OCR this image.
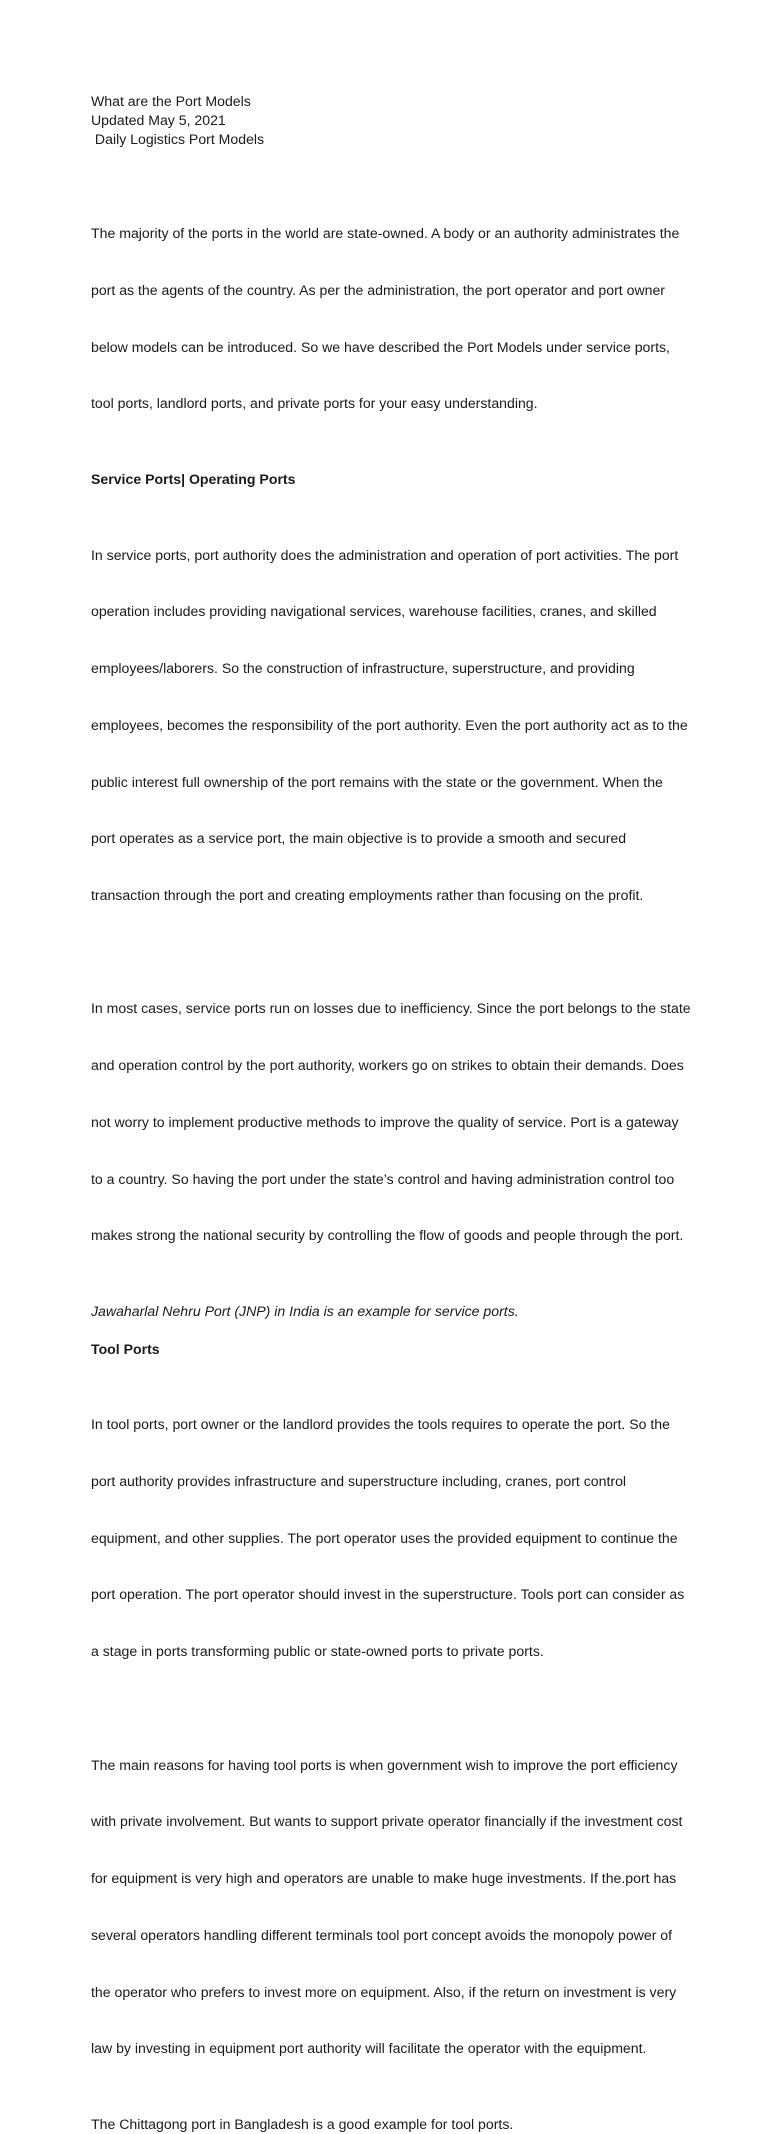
What are the Port Models

Updated May 5, 2021

Daily Logistics Port Models

The majority of the ports in the world are state-owned. A body or an authority administrates the

port as the agents of the country. As per the administration, the port operator and port owner

below models can be introduced. So we have described the Port Models under service ports,

tool ports, landlord ports, and private ports for your easy understanding.

Service Ports| Operating Ports

In service ports, port authority does the administration and operation of port activities. The port

operation includes providing navigational services, warehouse facilities, cranes, and skilled

employees/laborers. So the construction of infrastructure, superstructure, and providing

employees, becomes the responsibility of the port authority. Even the port authority act as to the

public interest full ownership of the port remains with the state or the government. When the

port operates as a service port, the main objective is to provide a smooth and secured

transaction through the port and creating employments rather than focusing on the profit.

In most cases, service ports run on losses due to inefficiency. Since the port belongs to the state

and operation control by the port authority, workers go on strikes to obtain their demands. Does

not worry to implement productive methods to improve the quality of service. Port is a gateway

to a country. So having the port under the state’s control and having administration control too

makes strong the national security by controlling the flow of goods and people through the port.

Jawaharlal Nehru Port (JNP) in India is an example for service ports.

Tool Ports

In tool ports, port owner or the landlord provides the tools requires to operate the port. So the

port authority provides infrastructure and superstructure including, cranes, port control

equipment, and other supplies. The port operator uses the provided equipment to continue the

port operation. The port operator should invest in the superstructure. Tools port can consider as

a stage in ports transforming public or state-owned ports to private ports.

The main reasons for having tool ports is when government wish to improve the port efficiency

with private involvement. But wants to support private operator financially if the investment cost

for equipment is very high and operators are unable to make huge investments. If the.port has

several operators handling different terminals tool port concept avoids the monopoly power of

the operator who prefers to invest more on equipment. Also, if the return on investment is very

law by investing in equipment port authority will facilitate the operator with the equipment.

The Chittagong port in Bangladesh is a good example for tool ports.
